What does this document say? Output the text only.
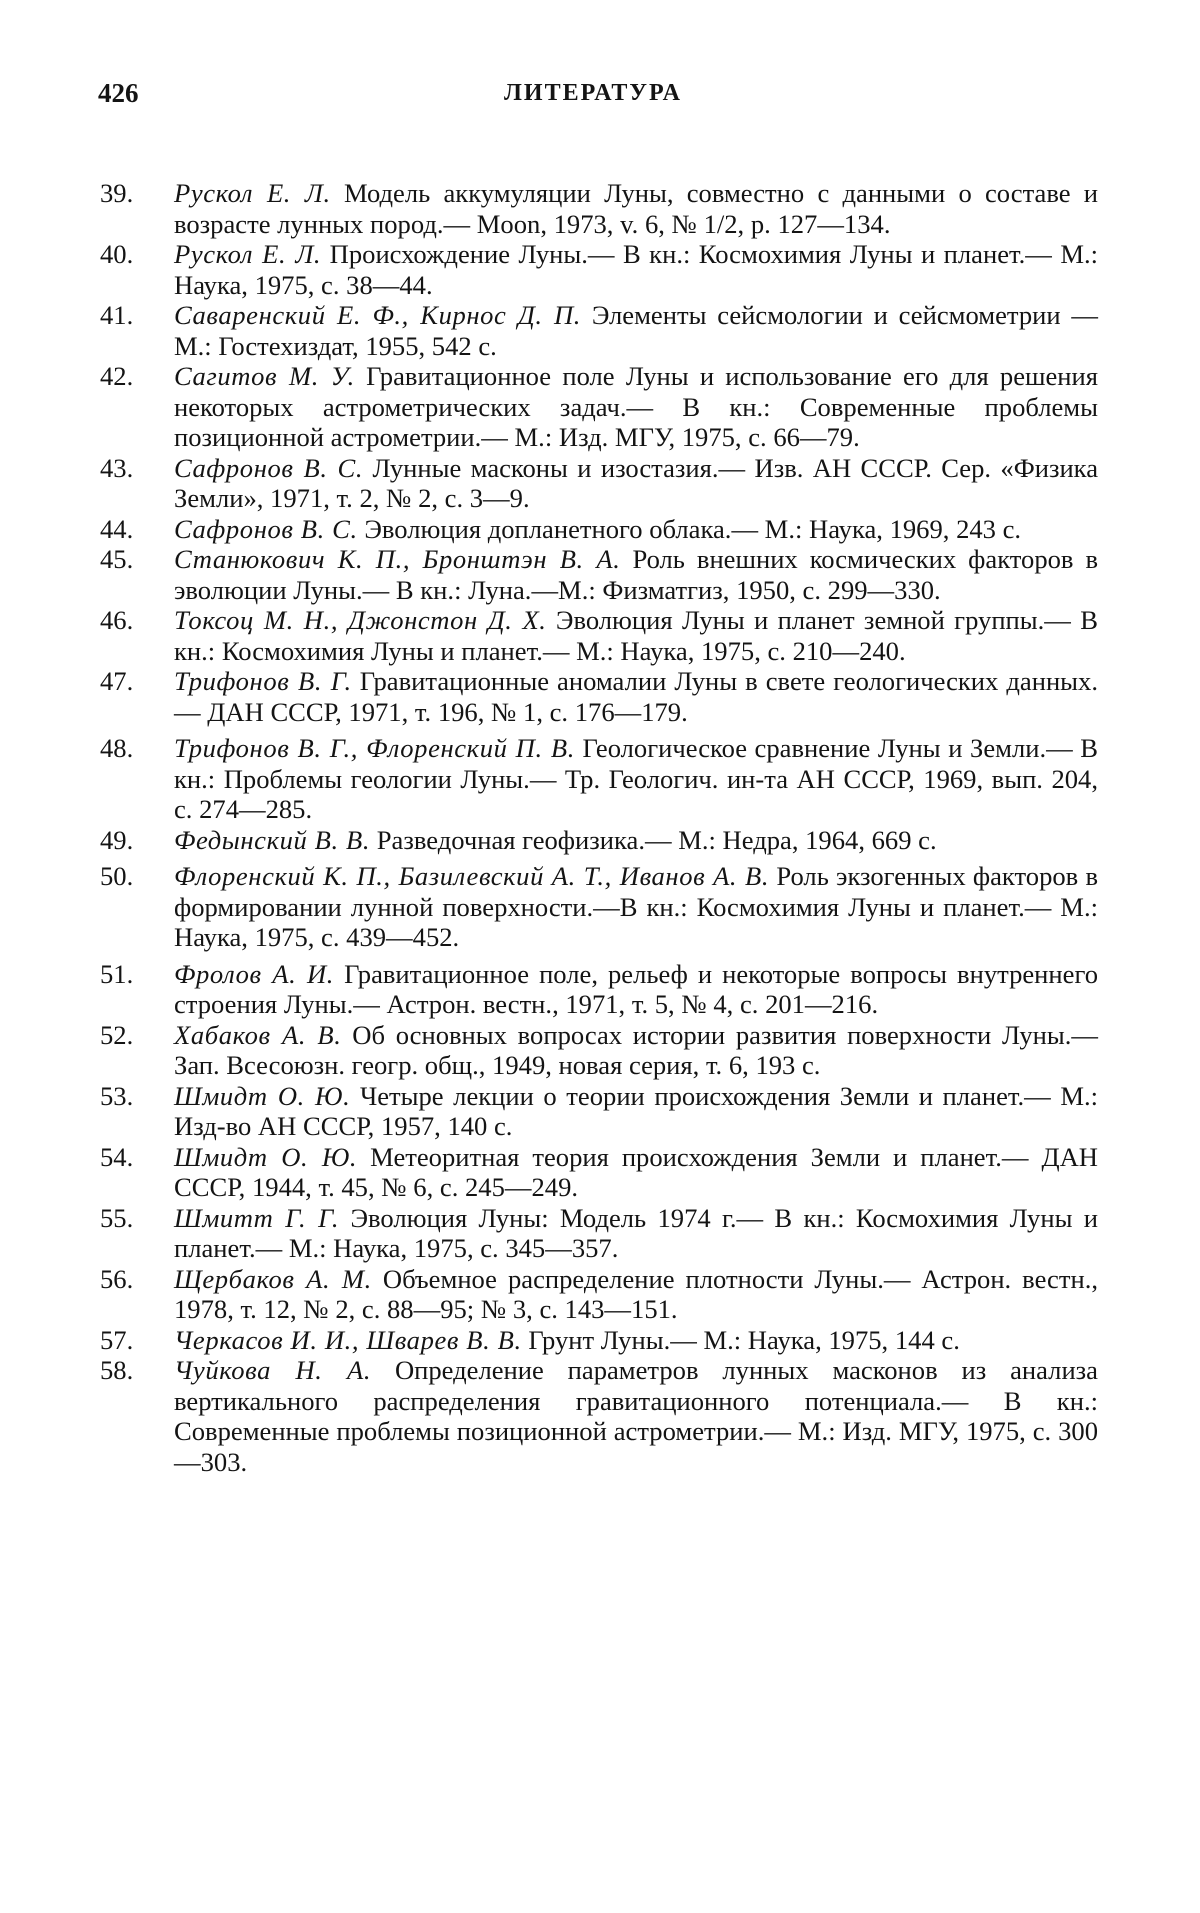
426	ЛИТЕРАТУРА
39.	Рускол Е. Л. Модель аккумуляции Луны, совместно с данными о составе и возрасте лунных пород.— Moon, 1973, v. 6, № 1/2, p. 127—134.
40.	Рускол Е. Л. Происхождение Луны.— В кн.: Космохимия Луны и планет.— М.: Наука, 1975, с. 38—44.
41.	Саваренский Е. Ф., Кирнос Д. П. Элементы сейсмологии и сейсмометрии — М.: Гостехиздат, 1955, 542 с.
42.	Сагитов М. У. Гравитационное поле Луны и использование его для решения некоторых астрометрических задач.— В кн.: Современные проблемы позиционной астрометрии.— М.: Изд. МГУ, 1975, с. 66—79.
43.	Сафронов В. С. Лунные масконы и изостазия.— Изв. АН СССР. Сер. «Физика Земли», 1971, т. 2, № 2, с. 3—9.
44.	Сафронов В. С. Эволюция допланетного облака.— М.: Наука, 1969, 243 с.
45.	Станюкович К. П., Бронштэн В. А. Роль внешних космических факторов в эволюции Луны.— В кн.: Луна.—М.: Физматгиз, 1950, с. 299—330.
46.	Токсоц М. Н., Джонстон Д. Х. Эволюция Луны и планет земной группы.— В кн.: Космохимия Луны и планет.— М.: Наука, 1975, с. 210—240.
47.	Трифонов В. Г. Гравитационные аномалии Луны в свете геологических данных.— ДАН СССР, 1971, т. 196, № 1, с. 176—179.
48.	Трифонов В. Г., Флоренский П. В. Геологическое сравнение Луны и Земли.— В кн.: Проблемы геологии Луны.— Тр. Геологич. ин-та АН СССР, 1969, вып. 204, с. 274—285.
49.	Федынский В. В. Разведочная геофизика.— М.: Недра, 1964, 669 с.
50.	Флоренский К. П., Базилевский А. Т., Иванов А. В. Роль экзогенных факторов в формировании лунной поверхности.—В кн.: Космохимия Луны и планет.— М.: Наука, 1975, с. 439—452.
51.	Фролов А. И. Гравитационное поле, рельеф и некоторые вопросы внутреннего строения Луны.— Астрон. вестн., 1971, т. 5, № 4, с. 201—216.
52.	Хабаков А. В. Об основных вопросах истории развития поверхности Луны.— Зап. Всесоюзн. геогр. общ., 1949, новая серия, т. 6, 193 с.
53.	Шмидт О. Ю. Четыре лекции о теории происхождения Земли и планет.— М.: Изд-во АН СССР, 1957, 140 с.
54.	Шмидт О. Ю. Метеоритная теория происхождения Земли и планет.— ДАН СССР, 1944, т. 45, № 6, с. 245—249.
55.	Шмитт Г. Г. Эволюция Луны: Модель 1974 г.— В кн.: Космохимия Луны и планет.— М.: Наука, 1975, с. 345—357.
56.	Щербаков А. М. Объемное распределение плотности Луны.— Астрон. вестн., 1978, т. 12, № 2, с. 88—95; № 3, с. 143—151.
57.	Черкасов И. И., Шварев В. В. Грунт Луны.— М.: Наука, 1975, 144 с.
58.	Чуйкова Н. А. Определение параметров лунных масконов из анализа вертикального распределения гравитационного потенциала.— В кн.: Современные проблемы позиционной астрометрии.— М.: Изд. МГУ, 1975, с. 300—303.
